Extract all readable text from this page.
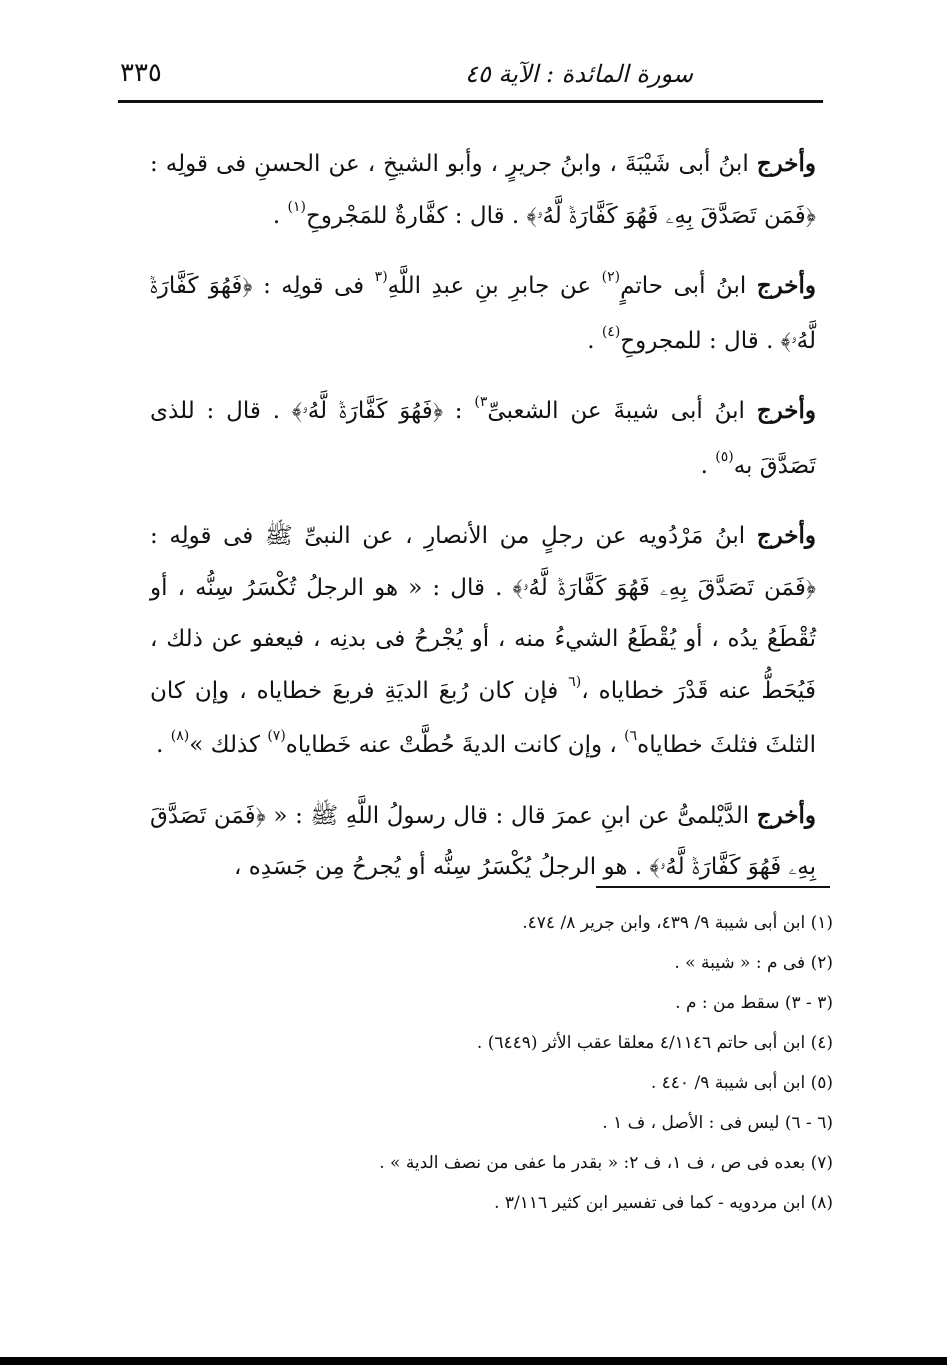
سورة المائدة : الآية ٤٥
٣٣٥

وأخرج ابنُ أبى شَيْبَةَ ، وابنُ جريرٍ ، وأبو الشيخِ ، عن الحسنِ فى قولِه : ﴿فَمَن تَصَدَّقَ بِهِۦ فَهُوَ كَفَّارَةٞ لَّهُۥ﴾ . قال : كفَّارةٌ للمَجْروحِ$^{(١)}$ .

وأخرج ابنُ أبى حاتمٍ$^{(٢)}$ عن جابرِ بنِ عبدِ اللَّهِ$^{(٣}$ فى قولِه : ﴿فَهُوَ كَفَّارَةٞ لَّهُۥ﴾ . قال : للمجروحِ$^{(٤)}$ .

وأخرج ابنُ أبى شيبةَ عن الشعبىِّ$^{٣)}$ : ﴿فَهُوَ كَفَّارَةٞ لَّهُۥ﴾ . قال : للذى تَصَدَّقَ به$^{(٥)}$ .

وأخرج ابنُ مَرْدُويه عن رجلٍ من الأنصارِ ، عن النبىِّ ﷺ فى قولِه : ﴿فَمَن تَصَدَّقَ بِهِۦ فَهُوَ كَفَّارَةٞ لَّهُۥ﴾ . قال : « هو الرجلُ تُكْسَرُ سِنُّه ، أو تُقْطَعُ يدُه ، أو يُقْطَعُ الشيءُ منه ، أو يُجْرحُ فى بدنِه ، فيعفو عن ذلك ، فَيُحَطُّ عنه قَدْرَ خطاياه ،$^{(٦}$ فإن كان رُبعَ الديَةِ فربعَ خطاياه ، وإن كان الثلثَ فثلثَ خطاياه$^{٦)}$ ، وإن كانت الديةَ حُطَّتْ عنه خَطاياه$^{(٧)}$ كذلك »$^{(٨)}$ .

وأخرج الدَّيْلمىُّ عن ابنِ عمرَ قال : قال رسولُ اللَّهِ ﷺ : « ﴿فَمَن تَصَدَّقَ بِهِۦ فَهُوَ كَفَّارَةٞ لَّهُۥ﴾ . هو الرجلُ يُكْسَرُ سِنُّه أو يُجرحُ مِن جَسَدِه ،

(١) ابن أبى شيبة ٩/ ٤٣٩، وابن جرير ٨/ ٤٧٤.

(٢) فى م : « شيبة » .

(٣ - ٣) سقط من : م .

(٤) ابن أبى حاتم ٤/١١٤٦ معلقا عقب الأثر (٦٤٤٩) .

(٥) ابن أبى شيبة ٩/ ٤٤٠ .

(٦ - ٦) ليس فى : الأصل ، ف ١ .

(٧) بعده فى ص ، ف ١، ف ٢: « بقدر ما عفى من نصف الدية » .

(٨) ابن مردويه - كما فى تفسير ابن كثير ٣/١١٦ .
